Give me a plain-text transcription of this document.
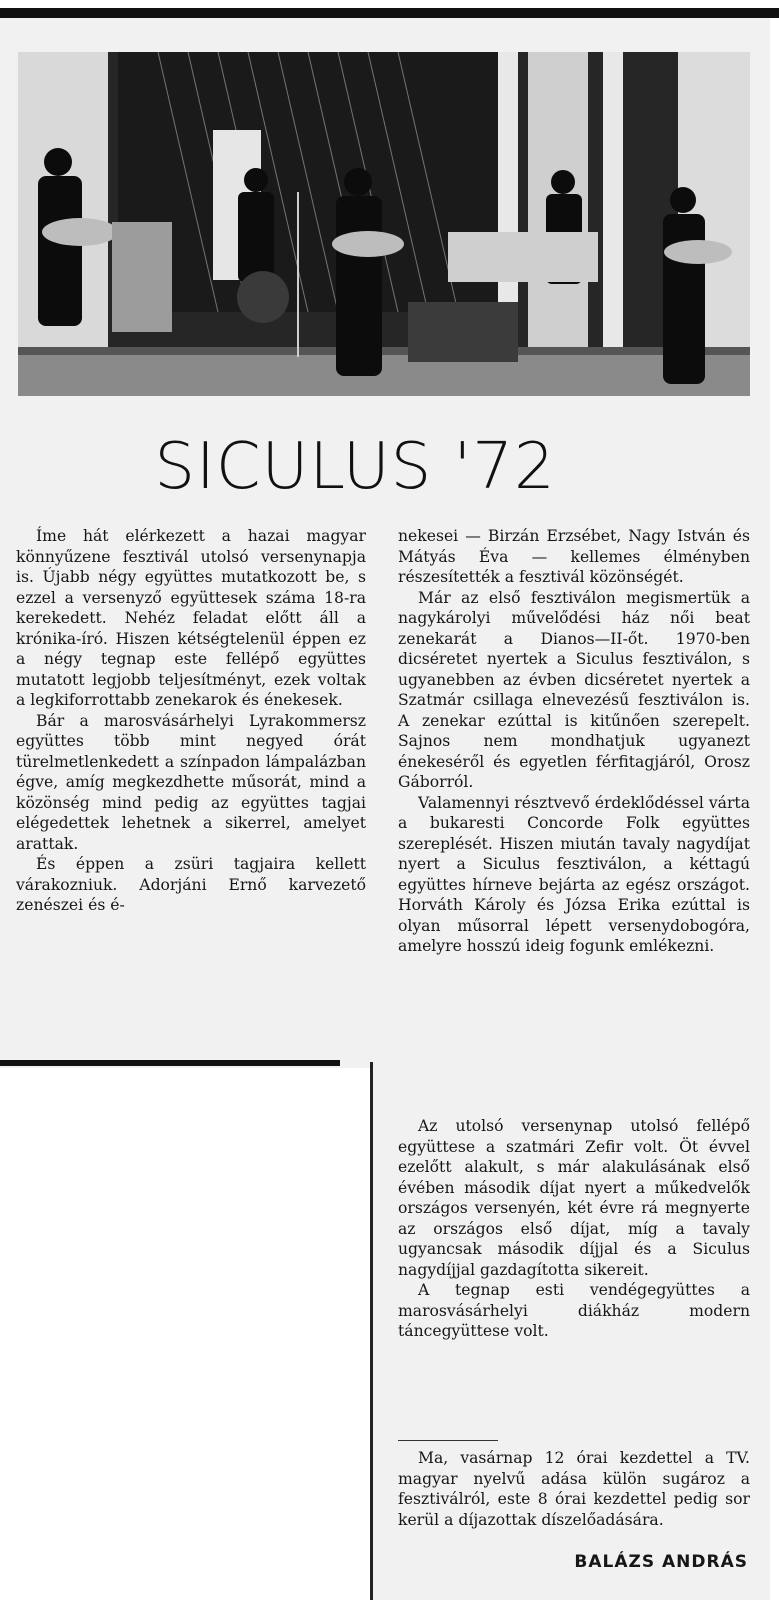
SICULUS '72

Íme hát elérkezett a hazai magyar könnyűzene fesztivál utolsó versenynapja is. Újabb négy együttes mutatkozott be, s ezzel a versenyző együttesek száma 18-ra kerekedett. Nehéz feladat előtt áll a krónika-író. Hiszen kétségtelenül éppen ez a négy tegnap este fellépő együttes mutatott legjobb teljesítményt, ezek voltak a legkiforrottabb zenekarok és énekesek.

Bár a marosvásárhelyi Lyrakommersz együttes több mint negyed órát türelmetlenkedett a színpadon lámpalázban égve, amíg megkezdhette műsorát, mind a közönség mind pedig az együttes tagjai elégedettek lehetnek a sikerrel, amelyet arattak.

És éppen a zsüri tagjaira kellett várakozniuk. Adorjáni Ernő karvezető zenészei és é-

nekesei — Birzán Erzsébet, Nagy István és Mátyás Éva — kellemes élményben részesítették a fesztivál közönségét.

Már az első fesztiválon megismertük a nagykárolyi művelődési ház női beat zenekarát a Dianos—II-őt. 1970-ben dicséretet nyertek a Siculus fesztiválon, s ugyanebben az évben dicséretet nyertek a Szatmár csillaga elnevezésű fesztiválon is. A zenekar ezúttal is kitűnően szerepelt. Sajnos nem mondhatjuk ugyanezt énekeséről és egyetlen férfitagjáról, Orosz Gáborról.

Valamennyi résztvevő érdeklődéssel várta a bukaresti Concorde Folk együttes szereplését. Hiszen miután tavaly nagydíjat nyert a Siculus fesztiválon, a kéttagú együttes hírneve bejárta az egész országot. Horváth Károly és Józsa Erika ezúttal is olyan műsorral lépett versenydobogóra, amelyre hosszú ideig fogunk emlékezni.

Az utolsó versenynap utolsó fellépő együttese a szatmári Zefir volt. Öt évvel ezelőtt alakult, s már alakulásának első évében második díjat nyert a műkedvelők országos versenyén, két évre rá megnyerte az országos első díjat, míg a tavaly ugyancsak második díjjal és a Siculus nagydíjjal gazdagította sikereit.

A tegnap esti vendégegyüttes a marosvásárhelyi diákház modern táncegyüttese volt.

Ma, vasárnap 12 órai kezdettel a TV. magyar nyelvű adása külön sugároz a fesztiválról, este 8 órai kezdettel pedig sor kerül a díjazottak díszelőadására.

BALÁZS ANDRÁS
